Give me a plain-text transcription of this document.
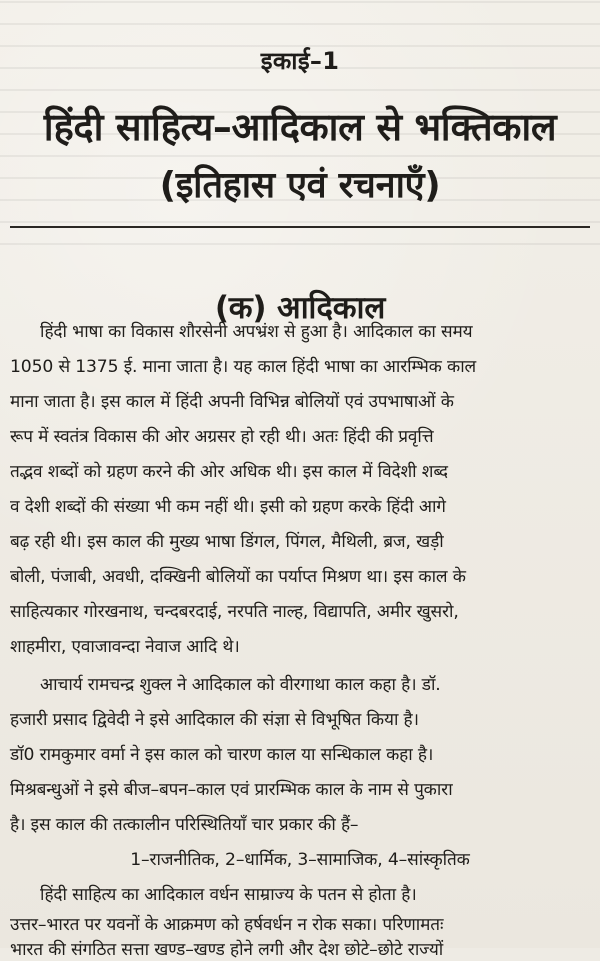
इकाई–1
हिंदी साहित्य–आदिकाल से भक्तिकाल
(इतिहास एवं रचनाएँ)
(क) आदिकाल
हिंदी भाषा का विकास शौरसेनी अपभ्रंश से हुआ है। आदिकाल का समय
1050 से 1375 ई. माना जाता है। यह काल हिंदी भाषा का आरम्भिक काल
माना जाता है। इस काल में हिंदी अपनी विभिन्न बोलियों एवं उपभाषाओं के
रूप में स्वतंत्र विकास की ओर अग्रसर हो रही थी। अतः हिंदी की प्रवृत्ति
तद्भव शब्दों को ग्रहण करने की ओर अधिक थी। इस काल में विदेशी शब्द
व देशी शब्दों की संख्या भी कम नहीं थी। इसी को ग्रहण करके हिंदी आगे
बढ़ रही थी। इस काल की मुख्य भाषा डिंगल, पिंगल, मैथिली, ब्रज, खड़ी
बोली, पंजाबी, अवधी, दक्खिनी बोलियों का पर्याप्त मिश्रण था। इस काल के
साहित्यकार गोरखनाथ, चन्दबरदाई, नरपति नाल्ह, विद्यापति, अमीर खुसरो,
शाहमीरा, एवाजावन्दा नेवाज आदि थे।
आचार्य रामचन्द्र शुक्ल ने आदिकाल को वीरगाथा काल कहा है। डॉ.
हजारी प्रसाद द्विवेदी ने इसे आदिकाल की संज्ञा से विभूषित किया है।
डॉ0 रामकुमार वर्मा ने इस काल को चारण काल या सन्धिकाल कहा है।
मिश्रबन्धुओं ने इसे बीज–बपन–काल एवं प्रारम्भिक काल के नाम से पुकारा
है। इस काल की तत्कालीन परिस्थितियाँ चार प्रकार की हैं–
1–राजनीतिक, 2–धार्मिक, 3–सामाजिक, 4–सांस्कृतिक
हिंदी साहित्य का आदिकाल वर्धन साम्राज्य के पतन से होता है।
उत्तर–भारत पर यवनों के आक्रमण को हर्षवर्धन न रोक सका। परिणामतः
भारत की संगठित सत्ता खण्ड–खण्ड होने लगी और देश छोटे–छोटे राज्यों
